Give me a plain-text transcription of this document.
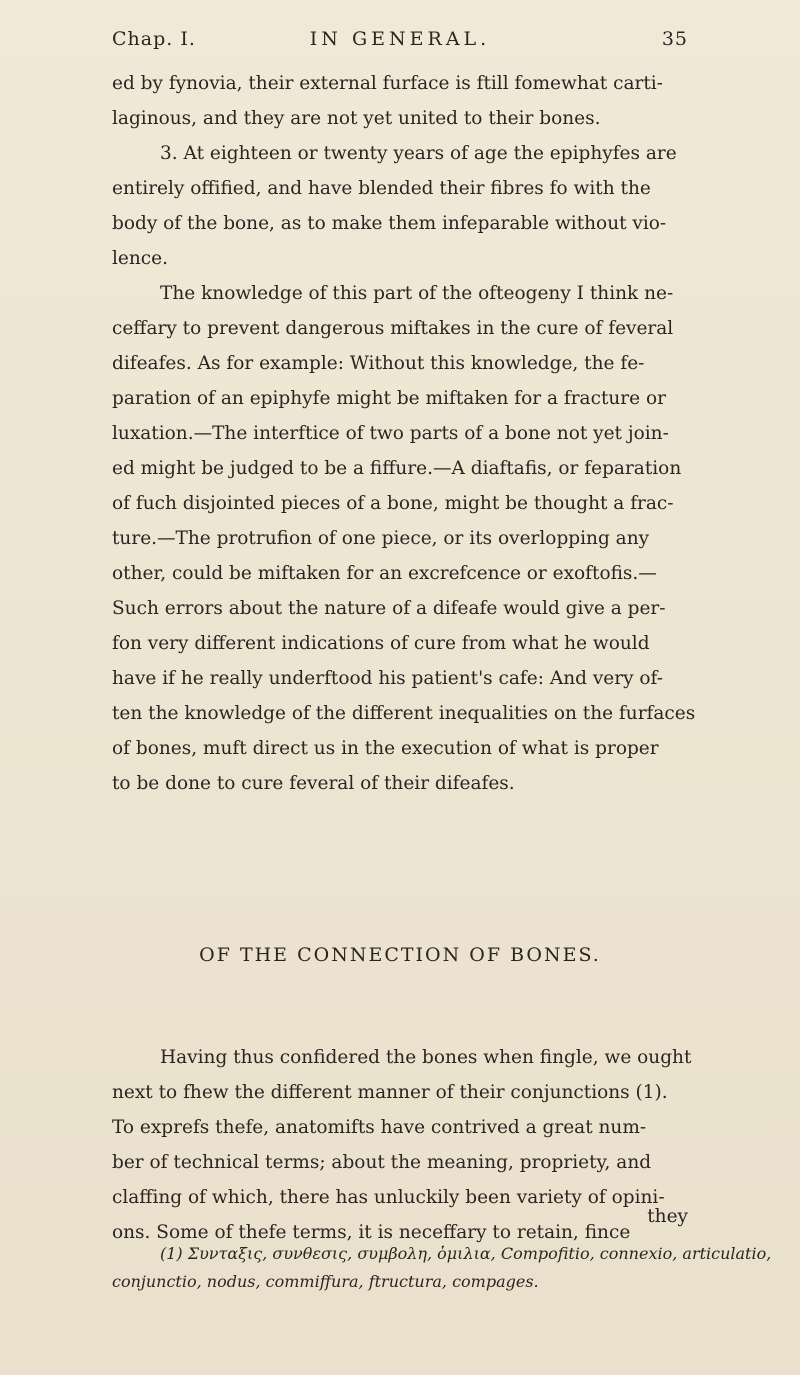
Chap. I.	IN GENERAL.	35
ed by fynovia, their external furface is ftill fomewhat carti-
laginous, and they are not yet united to their bones.
3. At eighteen or twenty years of age the epiphyfes are
entirely offified, and have blended their fibres fo with the
body of the bone, as to make them infeparable without vio-
lence.
The knowledge of this part of the ofteogeny I think ne-
ceffary to prevent dangerous miftakes in the cure of feveral
difeafes. As for example: Without this knowledge, the fe-
paration of an epiphyfe might be miftaken for a fracture or
luxation.—The interftice of two parts of a bone not yet join-
ed might be judged to be a fiffure.—A diaftafis, or feparation
of fuch disjointed pieces of a bone, might be thought a frac-
ture.—The protrufion of one piece, or its overlopping any
other, could be miftaken for an excrefcence or exoftofis.—
Such errors about the nature of a difeafe would give a per-
fon very different indications of cure from what he would
have if he really underftood his patient's cafe: And very of-
ten the knowledge of the different inequalities on the furfaces
of bones, muft direct us in the execution of what is proper
to be done to cure feveral of their difeafes.
OF THE CONNECTION OF BONES.
Having thus confidered the bones when fingle, we ought
next to fhew the different manner of their conjunctions (1).
To exprefs thefe, anatomifts have contrived a great num-
ber of technical terms; about the meaning, propriety, and
claffing of which, there has unluckily been variety of opini-
ons. Some of thefe terms, it is neceffary to retain, fince
they
(1) Συνταξις, συνθεσις, συμβολη, ὁμιλια, Compofitio, connexio, articulatio,
conjunctio, nodus, commiffura, ftructura, compages.
